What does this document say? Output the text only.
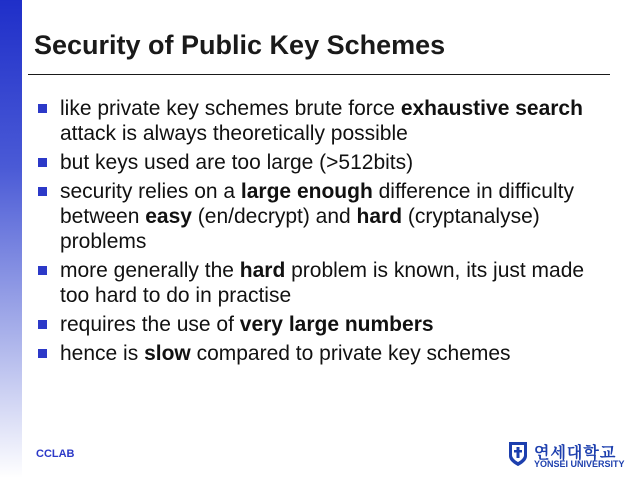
Security of Public Key Schemes
like private key schemes brute force exhaustive search attack is always theoretically possible
but keys used are too large (>512bits)
security relies on a large enough difference in difficulty between easy (en/decrypt) and hard (cryptanalyse) problems
more generally the hard problem is known, its just made too hard to do in practise
requires the use of very large numbers
hence is slow compared to private key schemes
CCLAB	연세대학교
YONSEI UNIVERSITY
